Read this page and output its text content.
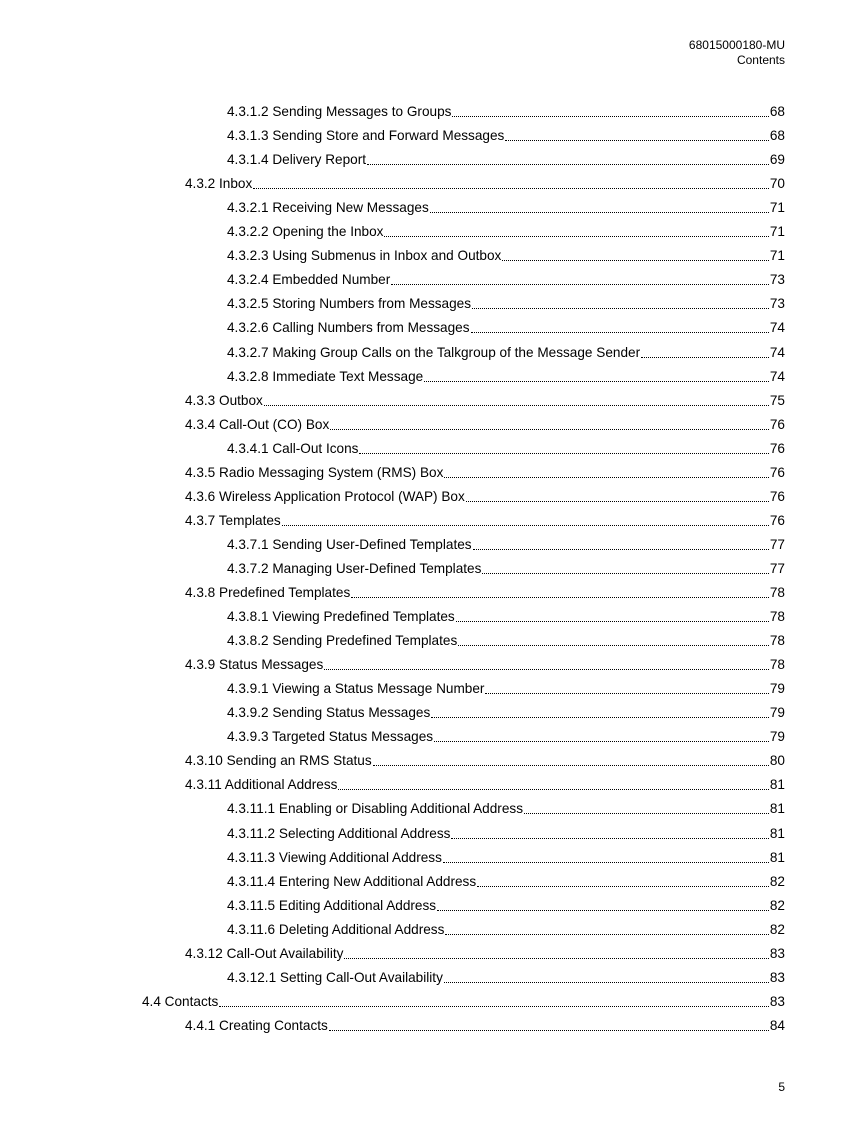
68015000180-MU
Contents
4.3.1.2 Sending Messages to Groups	68
4.3.1.3 Sending Store and Forward Messages	68
4.3.1.4 Delivery Report	69
4.3.2 Inbox	70
4.3.2.1 Receiving New Messages	71
4.3.2.2 Opening the Inbox	71
4.3.2.3 Using Submenus in Inbox and Outbox	71
4.3.2.4 Embedded Number	73
4.3.2.5 Storing Numbers from Messages	73
4.3.2.6 Calling Numbers from Messages	74
4.3.2.7 Making Group Calls on the Talkgroup of the Message Sender	74
4.3.2.8 Immediate Text Message	74
4.3.3 Outbox	75
4.3.4 Call-Out (CO) Box	76
4.3.4.1 Call-Out Icons	76
4.3.5 Radio Messaging System (RMS) Box	76
4.3.6 Wireless Application Protocol (WAP) Box	76
4.3.7 Templates	76
4.3.7.1 Sending User-Defined Templates	77
4.3.7.2 Managing User-Defined Templates	77
4.3.8 Predefined Templates	78
4.3.8.1 Viewing Predefined Templates	78
4.3.8.2 Sending Predefined Templates	78
4.3.9 Status Messages	78
4.3.9.1 Viewing a Status Message Number	79
4.3.9.2 Sending Status Messages	79
4.3.9.3 Targeted Status Messages	79
4.3.10 Sending an RMS Status	80
4.3.11 Additional Address	81
4.3.11.1 Enabling or Disabling Additional Address	81
4.3.11.2 Selecting Additional Address	81
4.3.11.3 Viewing Additional Address	81
4.3.11.4 Entering New Additional Address	82
4.3.11.5 Editing Additional Address	82
4.3.11.6 Deleting Additional Address	82
4.3.12 Call-Out Availability	83
4.3.12.1 Setting Call-Out Availability	83
4.4 Contacts	83
4.4.1 Creating Contacts	84
5
